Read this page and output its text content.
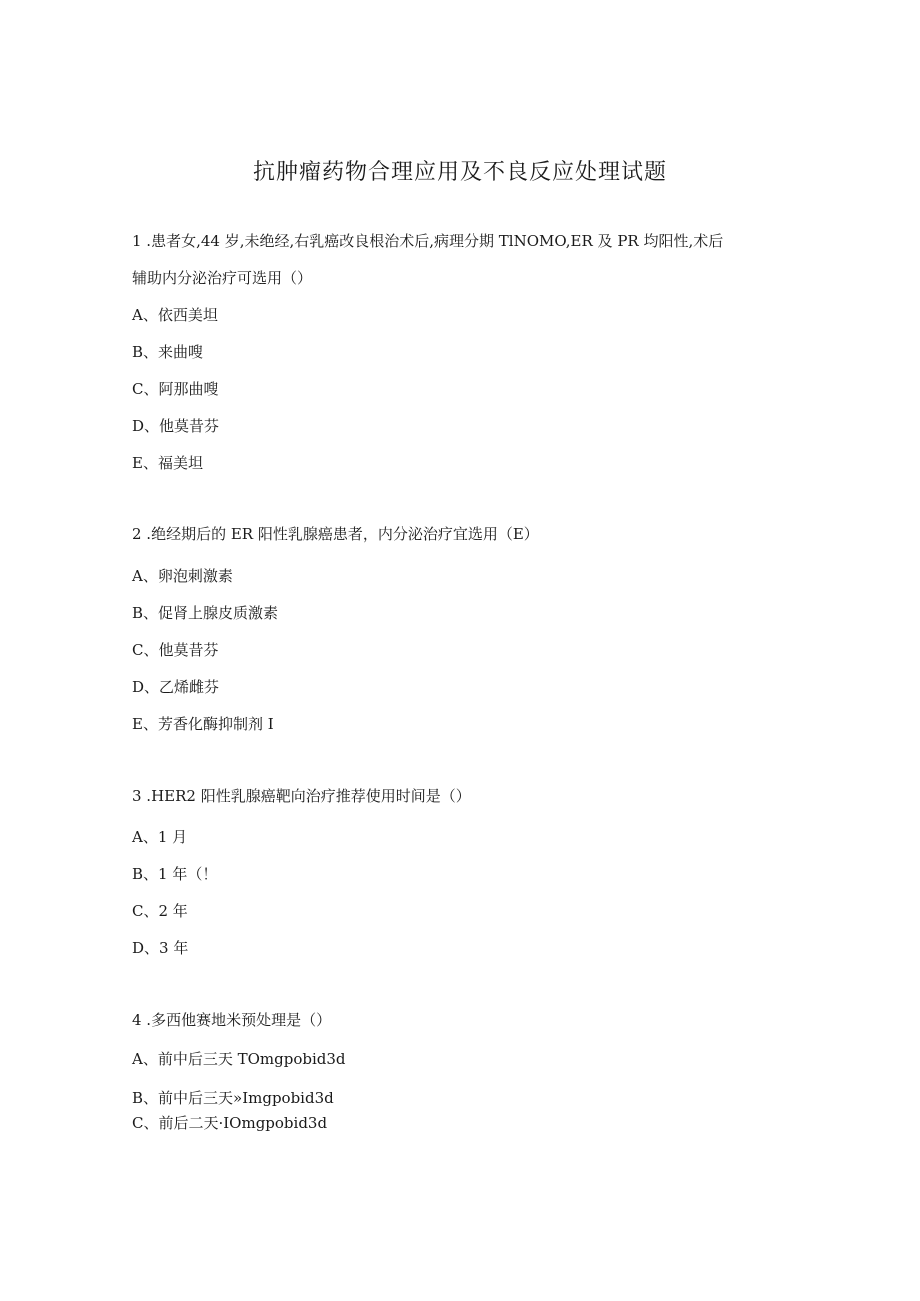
抗肿瘤药物合理应用及不良反应处理试题
1 .患者女,44 岁,未绝经,右乳癌改良根治术后,病理分期 TlNOMO,ER 及 PR 均阳性,术后
辅助内分泌治疗可选用（）
A、依西美坦
B、来曲嗖
C、阿那曲嗖
D、他莫昔芬
E、福美坦
2 .绝经期后的 ER 阳性乳腺癌患者，内分泌治疗宜选用（E）
A、卵泡刺激素
B、促肾上腺皮质激素
C、他莫昔芬
D、乙烯雌芬
E、芳香化酶抑制剂 I
3 .HER2 阳性乳腺癌靶向治疗推荐使用时间是（）
A、1 月
B、1 年（！
C、2 年
D、3 年
4 .多西他赛地米预处理是（）
A、前中后三天 TOmgpobid3d
B、前中后三天»Imgpobid3d
C、前后二天·IOmgpobid3d
